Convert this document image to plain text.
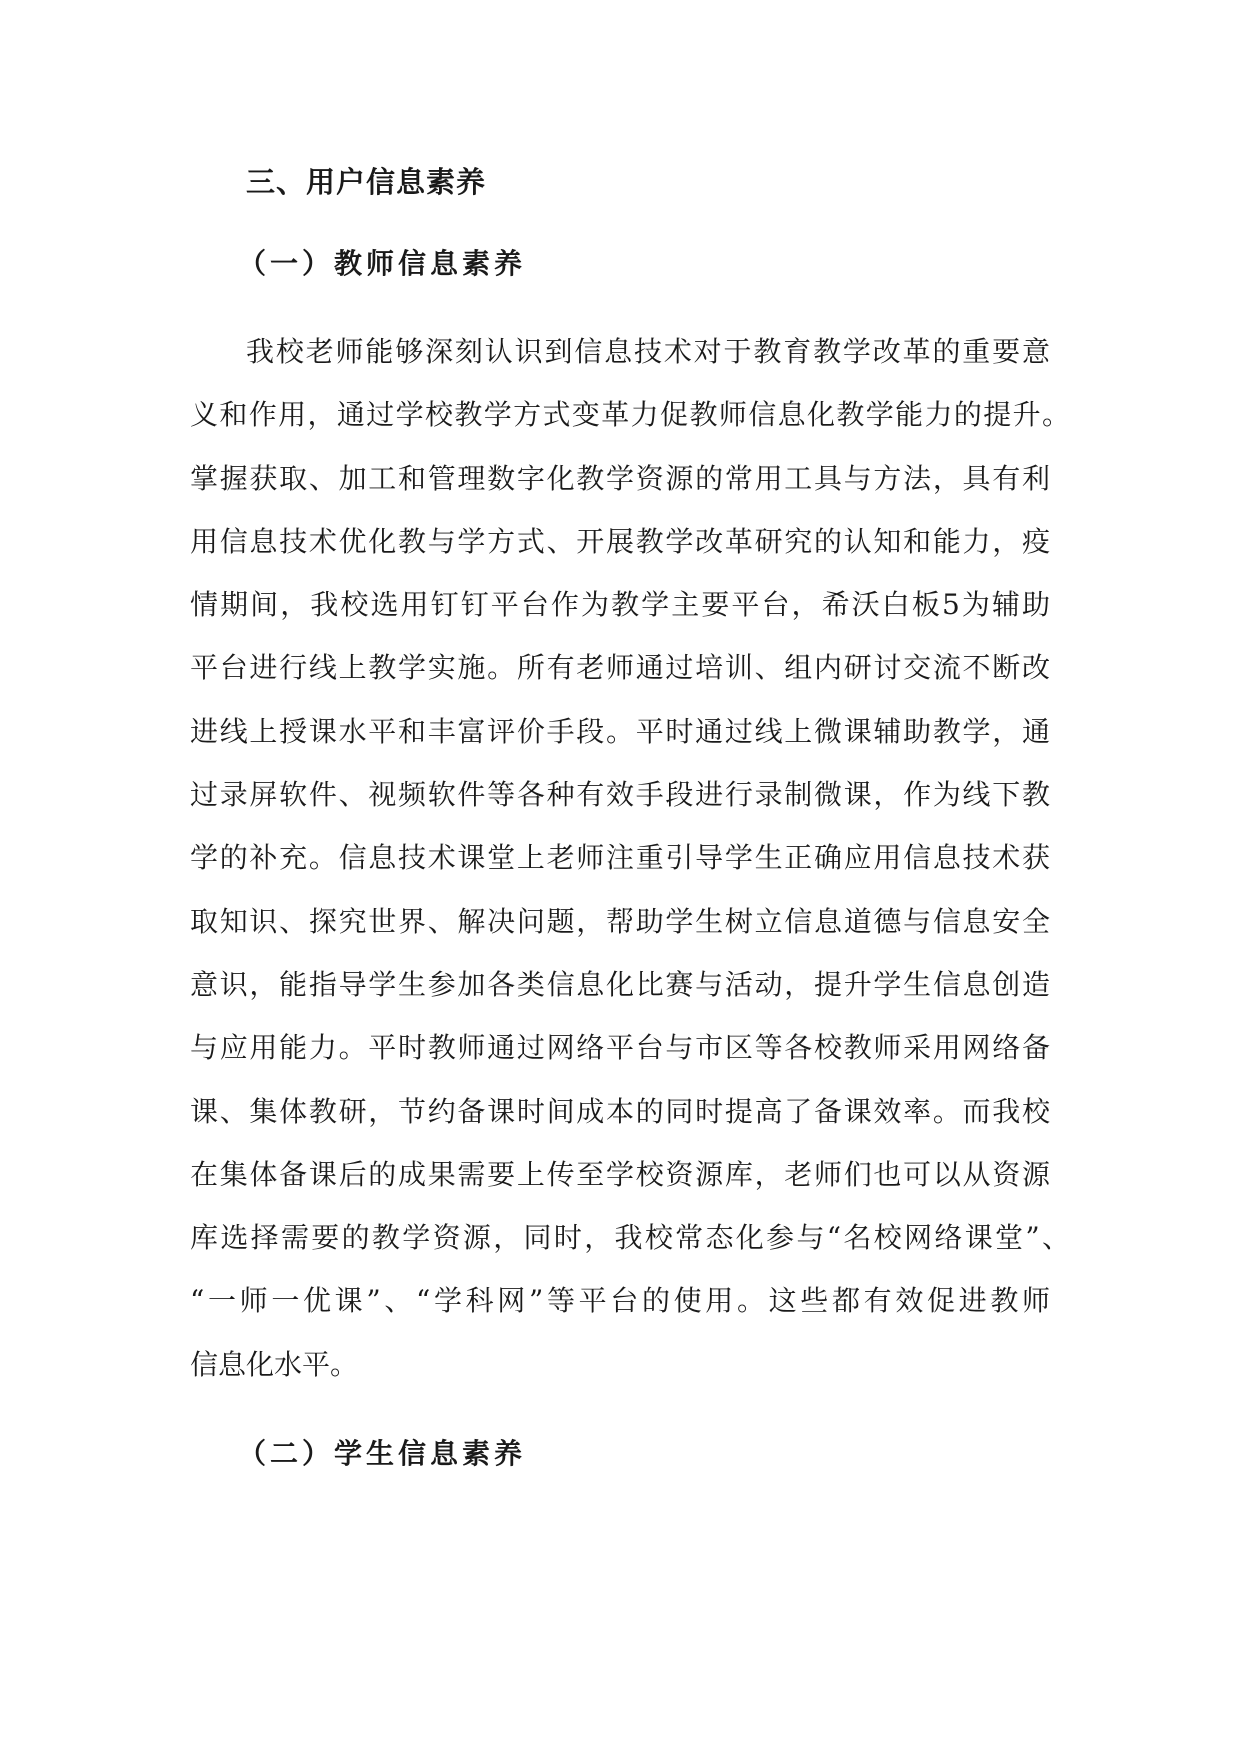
三、用户信息素养
（一）教师信息素养
我校老师能够深刻认识到信息技术对于教育教学改革的重要意
义和作用，通过学校教学方式变革力促教师信息化教学能力的提升。
掌握获取、加工和管理数字化教学资源的常用工具与方法，具有利
用信息技术优化教与学方式、开展教学改革研究的认知和能力，疫
情期间，我校选用钉钉平台作为教学主要平台，希沃白板5为辅助
平台进行线上教学实施。所有老师通过培训、组内研讨交流不断改
进线上授课水平和丰富评价手段。平时通过线上微课辅助教学，通
过录屏软件、视频软件等各种有效手段进行录制微课，作为线下教
学的补充。信息技术课堂上老师注重引导学生正确应用信息技术获
取知识、探究世界、解决问题，帮助学生树立信息道德与信息安全
意识，能指导学生参加各类信息化比赛与活动，提升学生信息创造
与应用能力。平时教师通过网络平台与市区等各校教师采用网络备
课、集体教研，节约备课时间成本的同时提高了备课效率。而我校
在集体备课后的成果需要上传至学校资源库，老师们也可以从资源
库选择需要的教学资源，同时，我校常态化参与“名校网络课堂”、
“一师一优课”、“学科网”等平台的使用。这些都有效促进教师
信息化水平。
（二）学生信息素养
